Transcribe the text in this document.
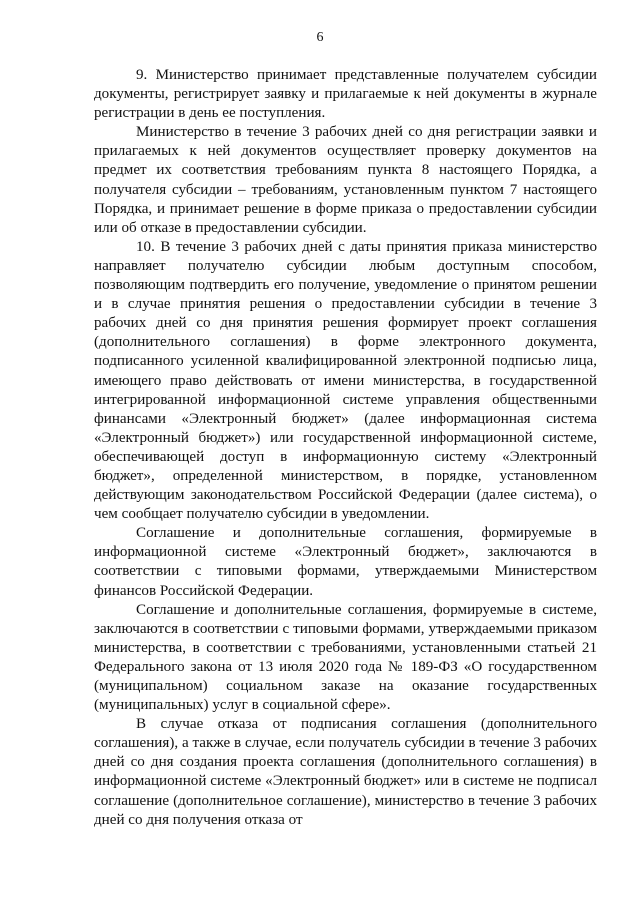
6

9. Министерство принимает представленные получателем субсидии документы, регистрирует заявку и прилагаемые к ней документы в журнале регистрации в день ее поступления.

Министерство в течение 3 рабочих дней со дня регистрации заявки и прилагаемых к ней документов осуществляет проверку документов на предмет их соответствия требованиям пункта 8 настоящего Порядка, а получателя субсидии – требованиям, установленным пунктом 7 настоящего Порядка, и принимает решение в форме приказа о предоставлении субсидии или об отказе в предоставлении субсидии.

10. В течение 3 рабочих дней с даты принятия приказа министерство направляет получателю субсидии любым доступным способом, позволяющим подтвердить его получение, уведомление о принятом решении и в случае принятия решения о предоставлении субсидии в течение 3 рабочих дней со дня принятия решения формирует проект соглашения (дополнительного соглашения) в форме электронного документа, подписанного усиленной квалифицированной электронной подписью лица, имеющего право действовать от имени министерства, в государственной интегрированной информационной системе управления общественными финансами «Электронный бюджет» (далее информационная система «Электронный бюджет») или государственной информационной системе, обеспечивающей доступ в информационную систему «Электронный бюджет», определенной министерством, в порядке, установленном действующим законодательством Российской Федерации (далее система), о чем сообщает получателю субсидии в уведомлении.

Соглашение и дополнительные соглашения, формируемые в информационной системе «Электронный бюджет», заключаются в соответствии с типовыми формами, утверждаемыми Министерством финансов Российской Федерации.

Соглашение и дополнительные соглашения, формируемые в системе, заключаются в соответствии с типовыми формами, утверждаемыми приказом министерства, в соответствии с требованиями, установленными статьей 21 Федерального закона от 13 июля 2020 года № 189-ФЗ «О государственном (муниципальном) социальном заказе на оказание государственных (муниципальных) услуг в социальной сфере».

В случае отказа от подписания соглашения (дополнительного соглашения), а также в случае, если получатель субсидии в течение 3 рабочих дней со дня создания проекта соглашения (дополнительного соглашения) в информационной системе «Электронный бюджет» или в системе не подписал соглашение (дополнительное соглашение), министерство в течение 3 рабочих дней со дня получения отказа от
